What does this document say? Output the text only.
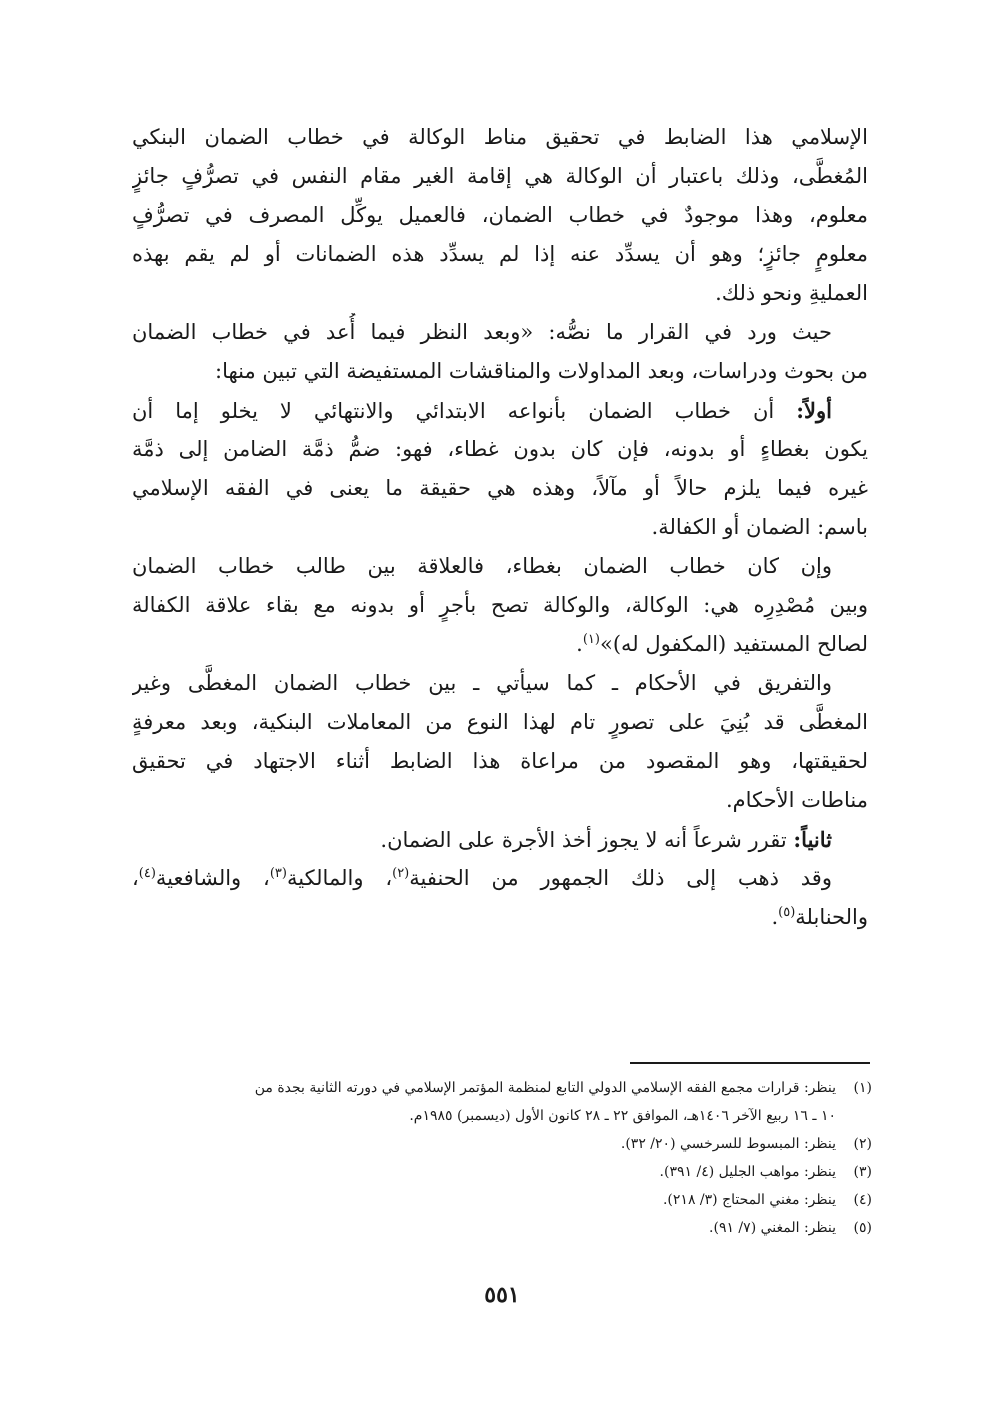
الإسلامي هذا الضابط في تحقيق مناط الوكالة في خطاب الضمان البنكي
المُغطَّى، وذلك باعتبار أن الوكالة هي إقامة الغير مقام النفس في تصرُّفٍ جائزٍ
معلوم، وهذا موجودٌ في خطاب الضمان، فالعميل يوكِّل المصرف في تصرُّفٍ
معلومٍ جائزٍ؛ وهو أن يسدِّد عنه إذا لم يسدِّد هذه الضمانات أو لم يقم بهذه
العمليةِ ونحو ذلك.
حيث ورد في القرار ما نصُّه: «وبعد النظر فيما أُعد في خطاب الضمان
من بحوث ودراسات، وبعد المداولات والمناقشات المستفيضة التي تبين منها:
أولاً: أن خطاب الضمان بأنواعه الابتدائي والانتهائي لا يخلو إما أن
يكون بغطاءٍ أو بدونه، فإن كان بدون غطاء، فهو: ضمُّ ذمَّة الضامن إلى ذمَّة
غيره فيما يلزم حالاً أو مآلاً، وهذه هي حقيقة ما يعنى في الفقه الإسلامي
باسم: الضمان أو الكفالة.
وإن كان خطاب الضمان بغطاء، فالعلاقة بين طالب خطاب الضمان
وبين مُصْدِرِه هي: الوكالة، والوكالة تصح بأجرٍ أو بدونه مع بقاء علاقة الكفالة
لصالح المستفيد (المكفول له)»$^{(١)}$.
والتفريق في الأحكام ـ كما سيأتي ـ بين خطاب الضمان المغطَّى وغير
المغطَّى قد بُنِيَ على تصورٍ تام لهذا النوع من المعاملات البنكية، وبعد معرفةٍ
لحقيقتها، وهو المقصود من مراعاة هذا الضابط أثناء الاجتهاد في تحقيق
مناطات الأحكام.
ثانياً: تقرر شرعاً أنه لا يجوز أخذ الأجرة على الضمان.
وقد ذهب إلى ذلك الجمهور من الحنفية$^{(٢)}$، والمالكية$^{(٣)}$، والشافعية$^{(٤)}$،
والحنابلة$^{(٥)}$.
(١)
ينظر: قرارات مجمع الفقه الإسلامي الدولي التابع لمنظمة المؤتمر الإسلامي في دورته الثانية بجدة من
١٠ ـ ١٦ ربيع الآخر ١٤٠٦هـ، الموافق ٢٢ ـ ٢٨ كانون الأول (ديسمبر) ١٩٨٥م.
(٢)
ينظر: المبسوط للسرخسي (٢٠/ ٣٢).
(٣)
ينظر: مواهب الجليل (٤/ ٣٩١).
(٤)
ينظر: مغني المحتاج (٣/ ٢١٨).
(٥)
ينظر: المغني (٧/ ٩١).
٥٥١
